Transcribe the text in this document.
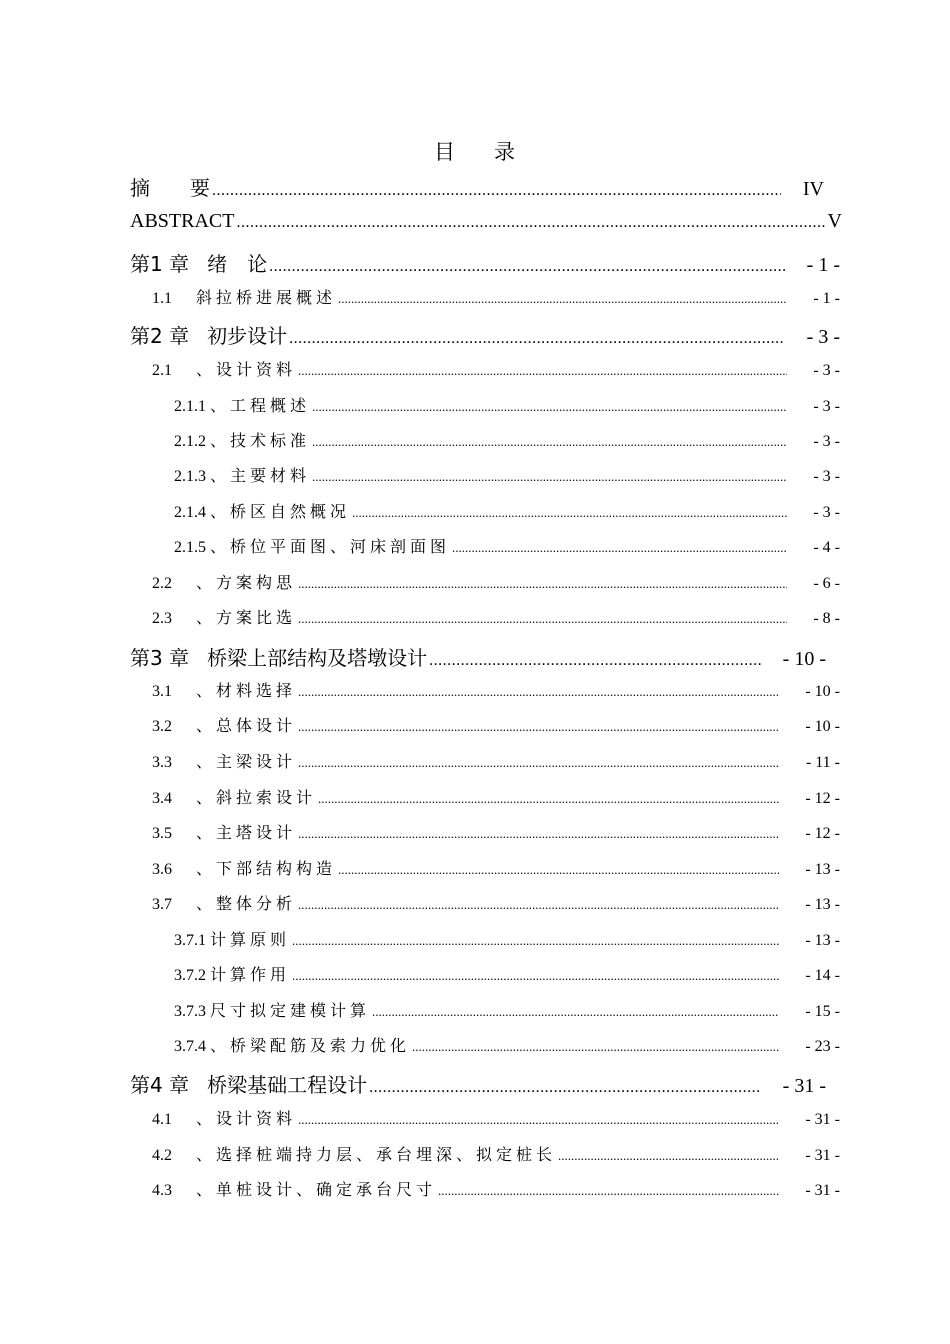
目 录
摘　　要 .....	IV
ABSTRACT .....	V
第1 章 绪　论 .....	- 1 -
1.1	斜拉桥进展概述 .....	- 1 -
第2 章 初步设计 .....	- 3 -
2.1	、设计资料 .....	- 3 -
2.1.1 、工程概述 .....	- 3 -
2.1.2 、技术标准 .....	- 3 -
2.1.3 、主要材料 .....	- 3 -
2.1.4 、桥区自然概况 .....	- 3 -
2.1.5 、桥位平面图、河床剖面图 .....	- 4 -
2.2	、方案构思 .....	- 6 -
2.3	、方案比选 .....	- 8 -
第3 章 桥梁上部结构及塔墩设计 .....	- 10 -
3.1	、材料选择 .....	- 10 -
3.2	、总体设计 .....	- 10 -
3.3	、主梁设计 .....	- 11 -
3.4	、斜拉索设计 .....	- 12 -
3.5	、主塔设计 .....	- 12 -
3.6	、下部结构构造 .....	- 13 -
3.7	、整体分析 .....	- 13 -
3.7.1 计算原则 .....	- 13 -
3.7.2 计算作用 .....	- 14 -
3.7.3 尺寸拟定建模计算 .....	- 15 -
3.7.4 、桥梁配筋及索力优化 .....	- 23 -
第4 章 桥梁基础工程设计 .....	- 31 -
4.1	、设计资料 .....	- 31 -
4.2	、选择桩端持力层、承台埋深、拟定桩长 .....	- 31 -
4.3	、单桩设计、确定承台尺寸 .....	- 31 -
